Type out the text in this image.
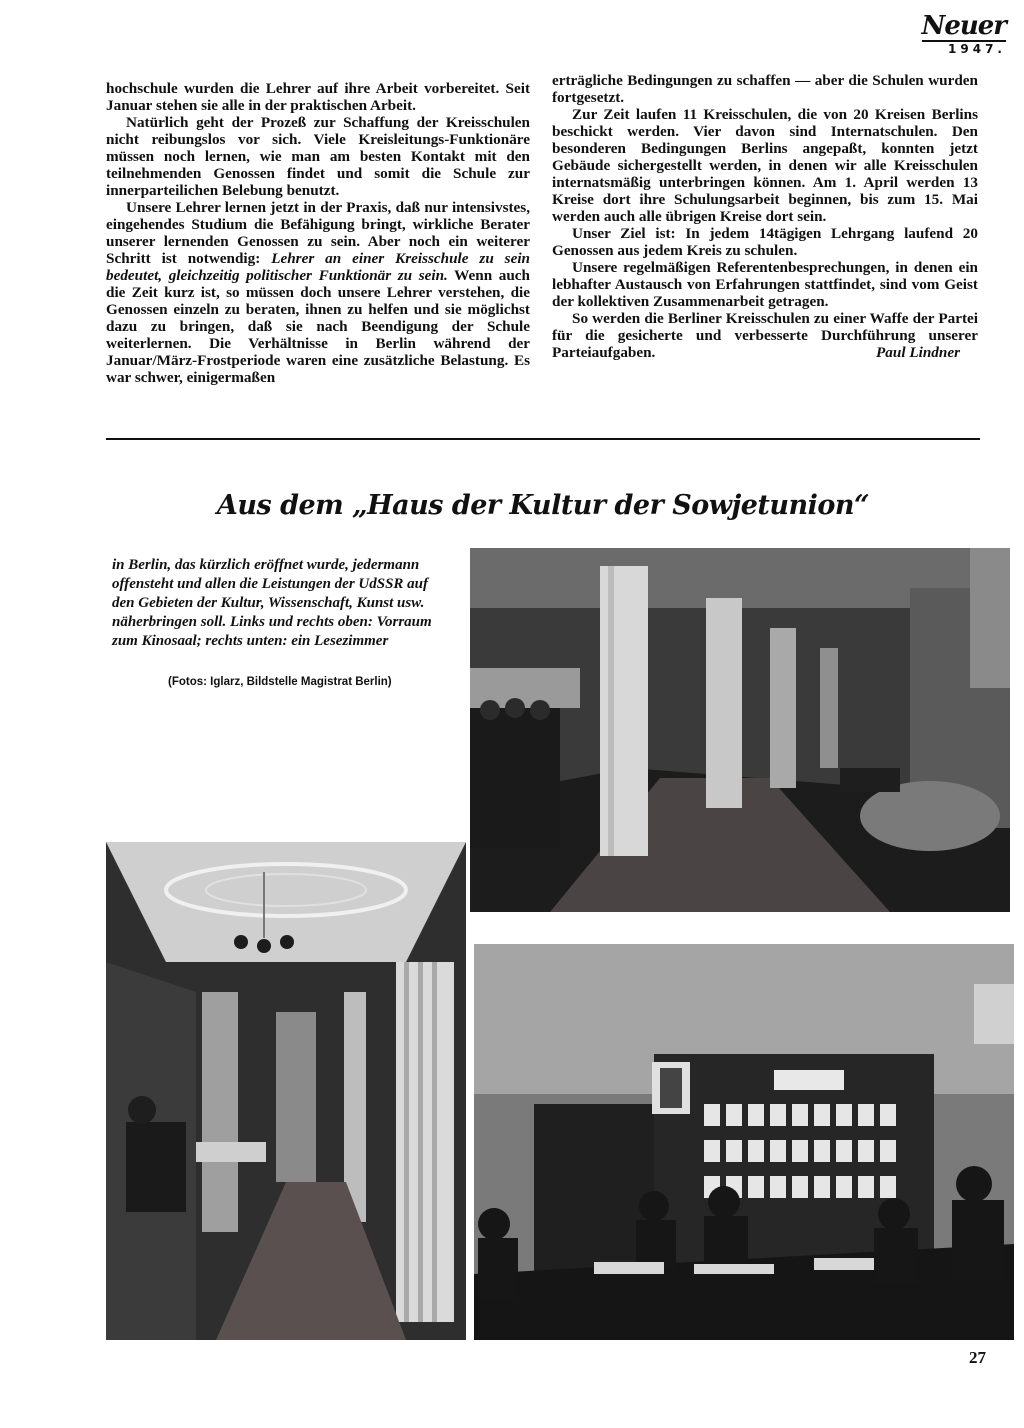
Neuer
1947.

hochschule wurden die Lehrer auf ihre Arbeit vorbereitet. Seit Januar stehen sie alle in der praktischen Arbeit.

Natürlich geht der Prozeß zur Schaffung der Kreisschulen nicht reibungslos vor sich. Viele Kreisleitungs-Funktionäre müssen noch lernen, wie man am besten Kontakt mit den teilnehmenden Genossen findet und somit die Schule zur innerparteilichen Belebung benutzt.

Unsere Lehrer lernen jetzt in der Praxis, daß nur intensivstes, eingehendes Studium die Befähigung bringt, wirkliche Berater unserer lernenden Genossen zu sein. Aber noch ein weiterer Schritt ist notwendig: Lehrer an einer Kreisschule zu sein bedeutet, gleichzeitig politischer Funktionär zu sein. Wenn auch die Zeit kurz ist, so müssen doch unsere Lehrer verstehen, die Genossen einzeln zu beraten, ihnen zu helfen und sie möglichst dazu zu bringen, daß sie nach Beendigung der Schule weiterlernen. Die Verhältnisse in Berlin während der Januar/März-Frostperiode waren eine zusätzliche Belastung. Es war schwer, einigermaßen

erträgliche Bedingungen zu schaffen — aber die Schulen wurden fortgesetzt.

Zur Zeit laufen 11 Kreisschulen, die von 20 Kreisen Berlins beschickt werden. Vier davon sind Internatschulen. Den besonderen Bedingungen Berlins angepaßt, konnten jetzt Gebäude sichergestellt werden, in denen wir alle Kreisschulen internatsmäßig unterbringen können. Am 1. April werden 13 Kreise dort ihre Schulungsarbeit beginnen, bis zum 15. Mai werden auch alle übrigen Kreise dort sein.

Unser Ziel ist: In jedem 14tägigen Lehrgang laufend 20 Genossen aus jedem Kreis zu schulen.

Unsere regelmäßigen Referentenbesprechungen, in denen ein lebhafter Austausch von Erfahrungen stattfindet, sind vom Geist der kollektiven Zusammenarbeit getragen.

So werden die Berliner Kreisschulen zu einer Waffe der Partei für die gesicherte und verbesserte Durchführung unserer Parteiaufgaben.	Paul Lindner

Aus dem „Haus der Kultur der Sowjetunion“
in Berlin, das kürzlich eröffnet wurde, jedermann offensteht und allen die Leistungen der UdSSR auf den Gebieten der Kultur, Wissenschaft, Kunst usw. näherbringen soll. Links und rechts oben: Vorraum zum Kinosaal; rechts unten: ein Lesezimmer
(Fotos: Iglarz, Bildstelle Magistrat Berlin)
27
